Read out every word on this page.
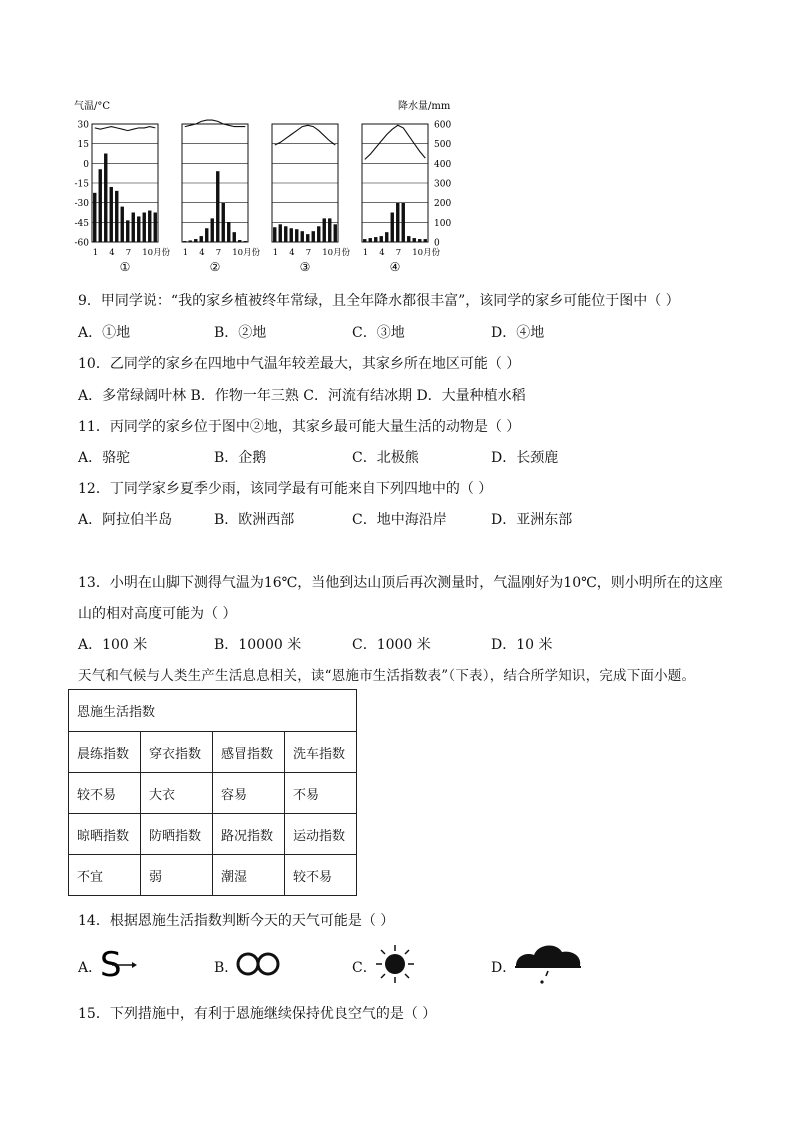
气温/°C	降水量/mm
30
15
0
-15
-30
-45
-60
600
500
400
300
200
100
0
1 4 7 10月份
①
1 4 7 10月份
②
1 4 7 10月份
③
1 4 7 10月份
④
9．甲同学说：“我的家乡植被终年常绿，且全年降水都很丰富”，该同学的家乡可能位于图中（ ）
A．①地	B．②地	C．③地	D．④地
10．乙同学的家乡在四地中气温年较差最大，其家乡所在地区可能（ ）
A．多常绿阔叶林 B．作物一年三熟 C．河流有结冰期 D．大量种植水稻
11．丙同学的家乡位于图中②地，其家乡最可能大量生活的动物是（ ）
A．骆驼	B．企鹅	C．北极熊	D．长颈鹿
12．丁同学家乡夏季少雨，该同学最有可能来自下列四地中的（ ）
A．阿拉伯半岛	B．欧洲西部	C．地中海沿岸	D．亚洲东部
13．小明在山脚下测得气温为16℃，当他到达山顶后再次测量时，气温刚好为10℃，则小明所在的这座
山的相对高度可能为（ ）
A．100 米	B．10000 米	C．1000 米	D．10 米
天气和气候与人类生产生活息息相关，读“恩施市生活指数表”（下表），结合所学知识，完成下面小题。
恩施生活指数			
晨练指数	穿衣指数	感冒指数	洗车指数
较不易	大衣	容易	不易
晾晒指数	防晒指数	路况指数	运动指数
不宜	弱	潮湿	较不易
14．根据恩施生活指数判断今天的天气可能是（ ）
A．
S	B．	C．	D．
15．下列措施中，有利于恩施继续保持优良空气的是（ ）
